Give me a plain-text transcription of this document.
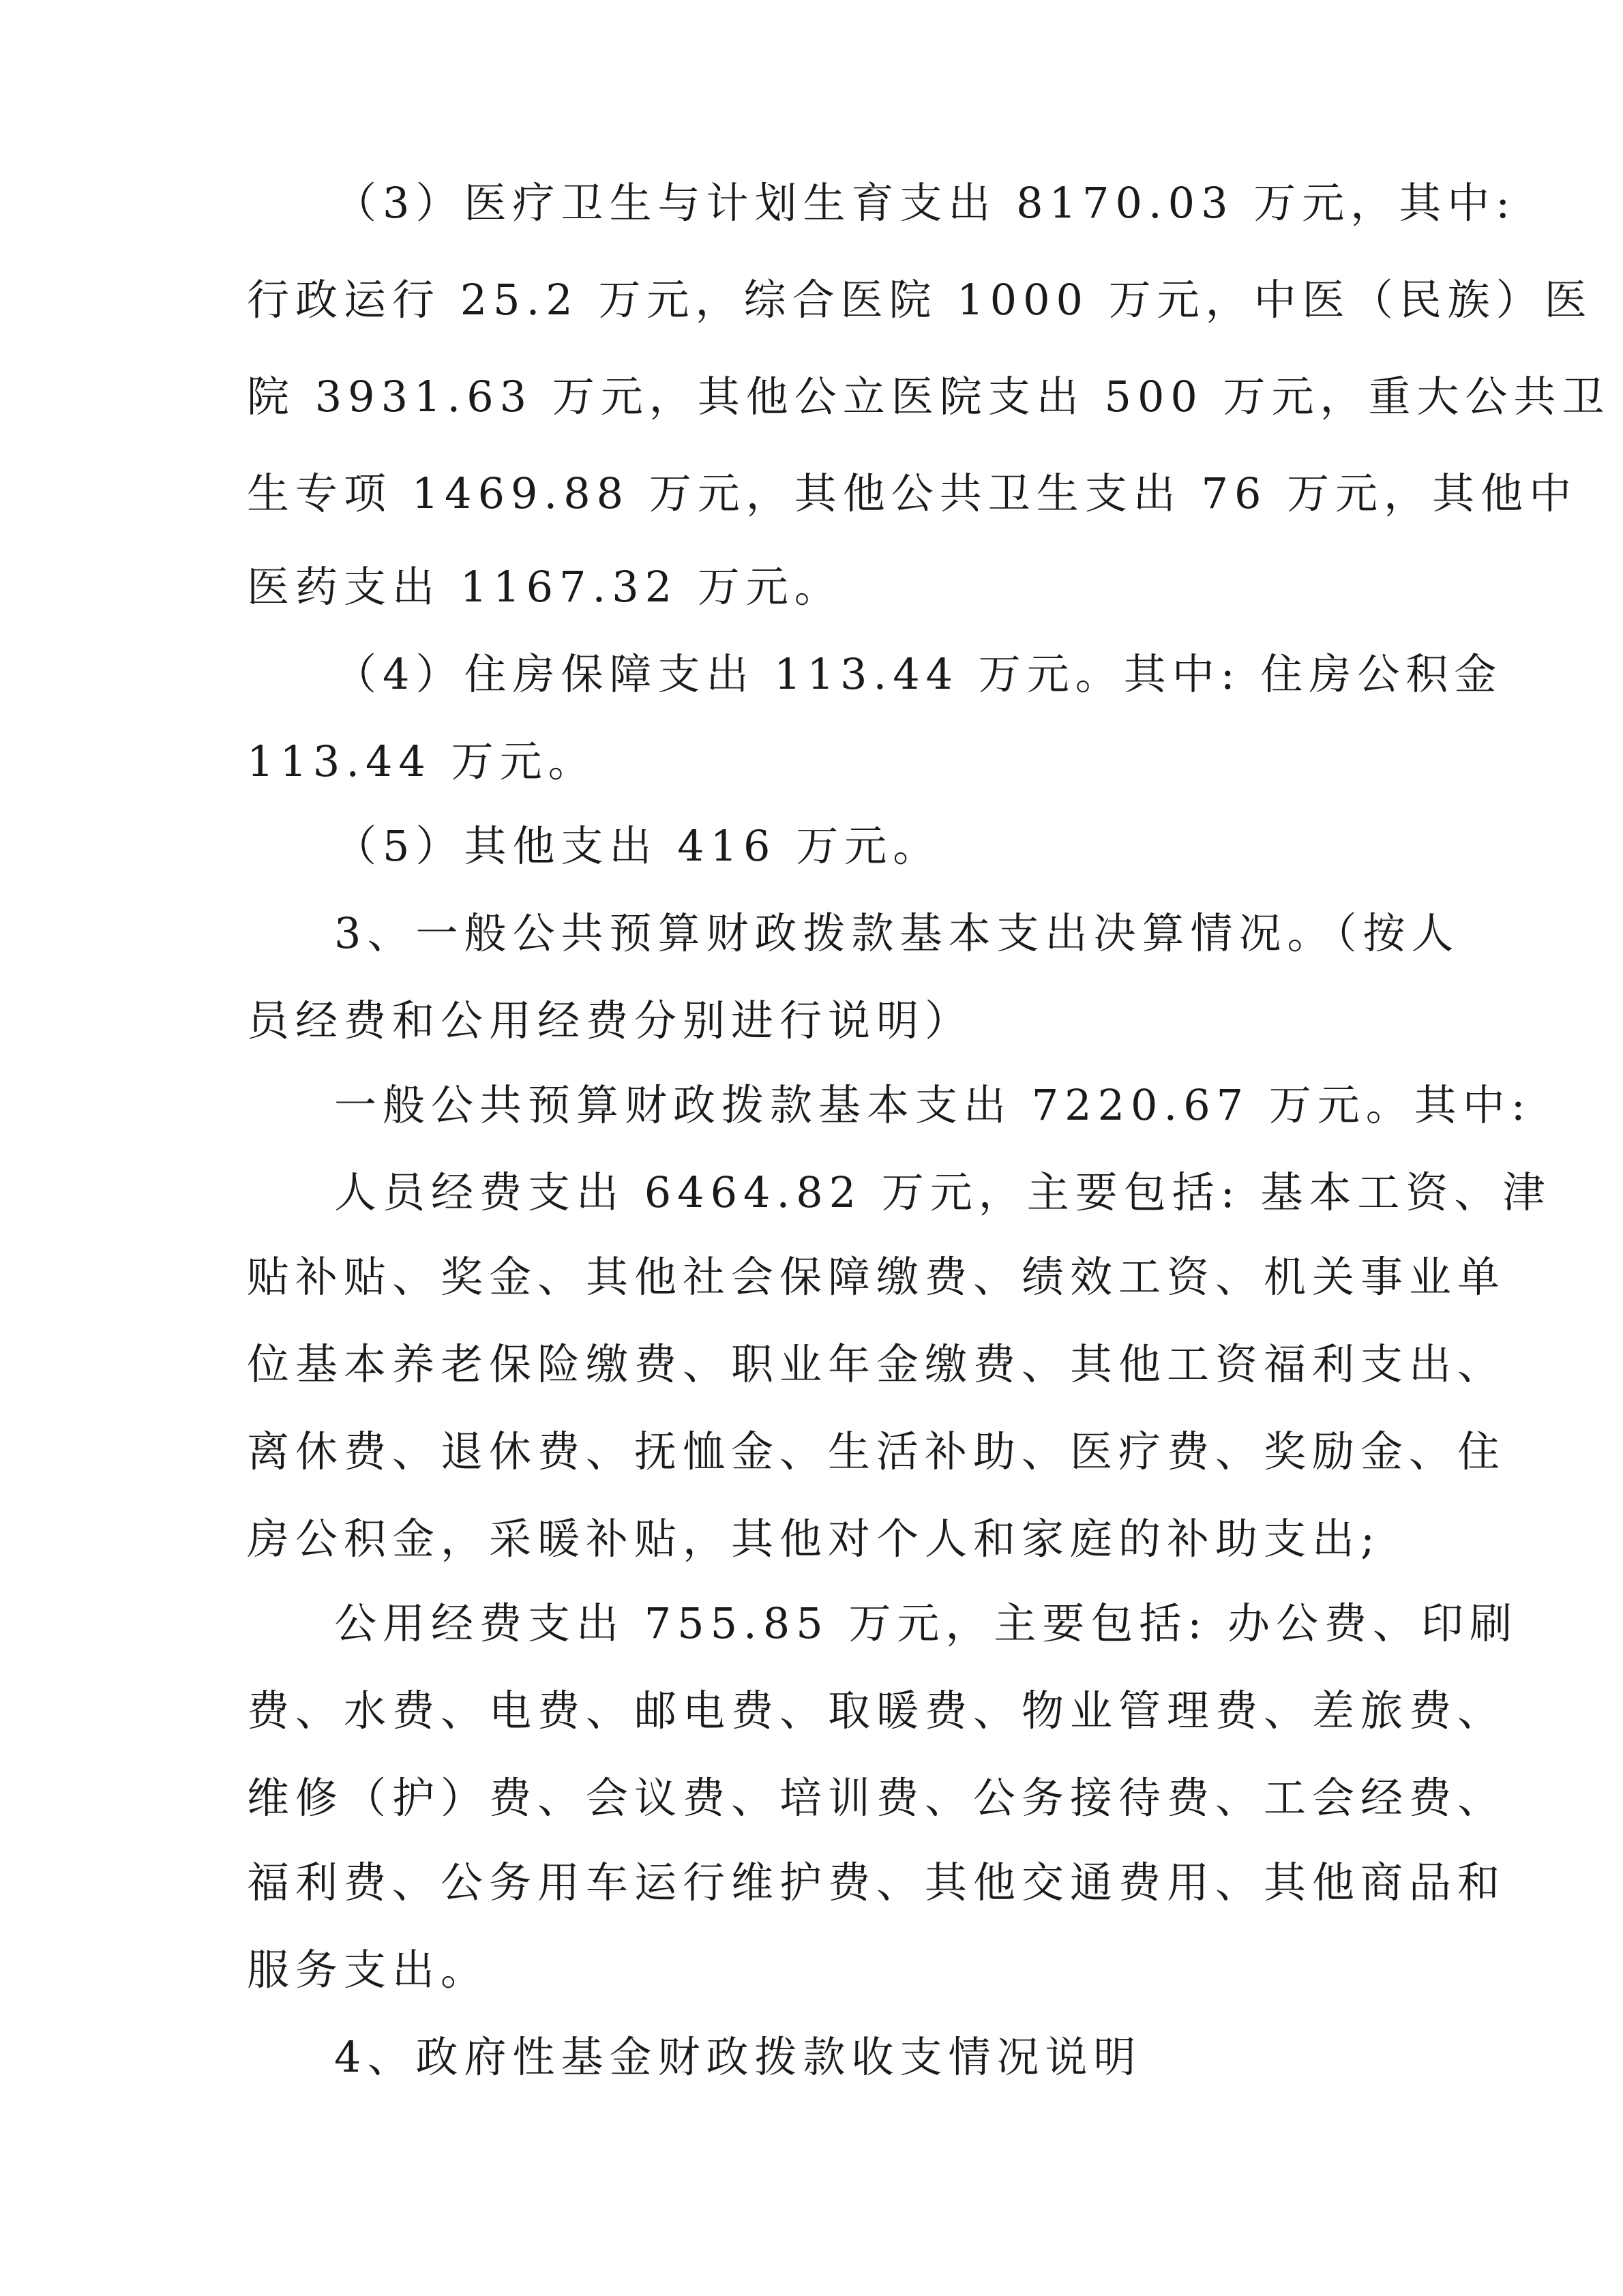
（3）医疗卫生与计划生育支出 8170.03 万元，其中:
行政运行 25.2 万元，综合医院 1000 万元，中医（民族）医
院 3931.63 万元，其他公立医院支出 500 万元，重大公共卫
生专项 1469.88 万元，其他公共卫生支出 76 万元，其他中
医药支出 1167.32 万元。
（4）住房保障支出 113.44 万元。其中: 住房公积金
113.44 万元。
（5）其他支出 416 万元。
3、一般公共预算财政拨款基本支出决算情况。（按人
员经费和公用经费分别进行说明）
一般公共预算财政拨款基本支出 7220.67 万元。其中:
人员经费支出 6464.82 万元，主要包括: 基本工资、津
贴补贴、奖金、其他社会保障缴费、绩效工资、机关事业单
位基本养老保险缴费、职业年金缴费、其他工资福利支出、
离休费、退休费、抚恤金、生活补助、医疗费、奖励金、住
房公积金，采暖补贴，其他对个人和家庭的补助支出;
公用经费支出 755.85 万元，主要包括: 办公费、印刷
费、水费、电费、邮电费、取暖费、物业管理费、差旅费、
维修（护）费、会议费、培训费、公务接待费、工会经费、
福利费、公务用车运行维护费、其他交通费用、其他商品和
服务支出。
4、政府性基金财政拨款收支情况说明
